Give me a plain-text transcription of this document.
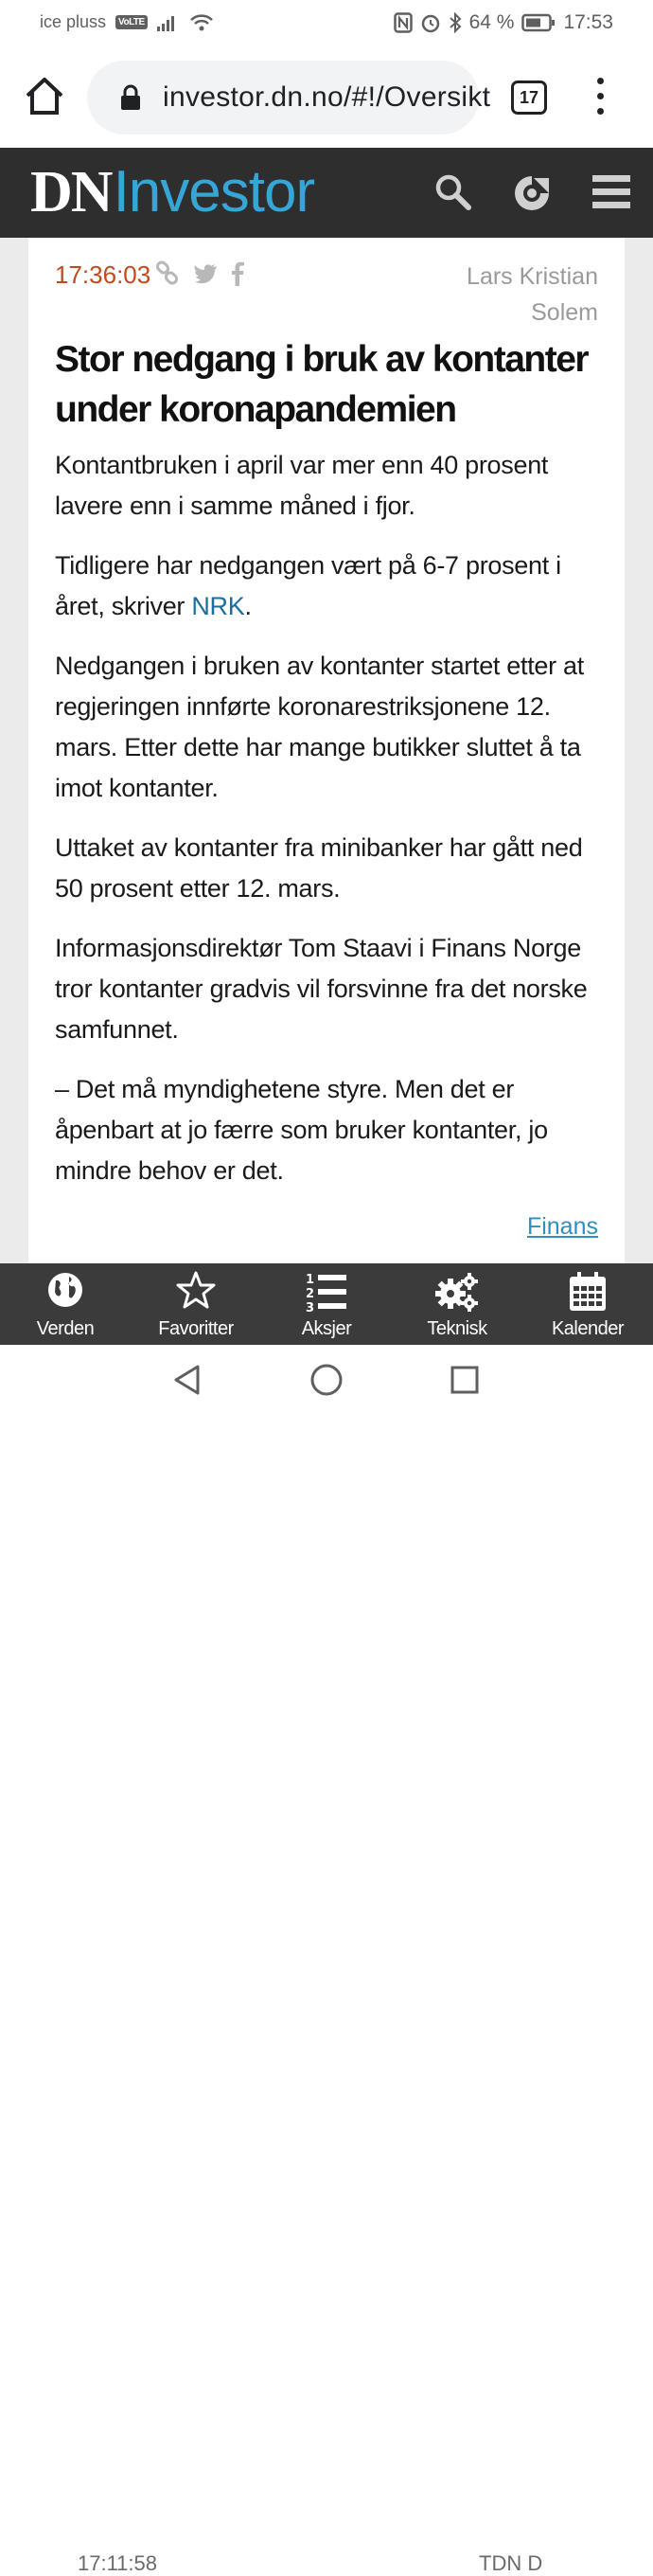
ice pluss	VoLTE	64 % 17:53
investor.dn.no/#!/Oversikt	17
DNInvestor
17:36:03	Lars Kristian
Solem
Stor nedgang i bruk av kontanter under koronapandemien

Kontantbruken i april var mer enn 40 prosent lavere enn i samme måned i fjor.

Tidligere har nedgangen vært på 6-7 prosent i året, skriver NRK.

Nedgangen i bruken av kontanter startet etter at regjeringen innførte koronarestriksjonene 12. mars. Etter dette har mange butikker sluttet å ta imot kontanter.

Uttaket av kontanter fra minibanker har gått ned 50 prosent etter 12. mars.

Informasjonsdirektør Tom Staavi i Finans Norge tror kontanter gradvis vil forsvinne fra det norske samfunnet.

– Det må myndighetene styre. Men det er åpenbart at jo færre som bruker kontanter, jo mindre behov er det.

Finans
Verden	Favoritter
1
2
3
Aksjer	Teknisk	Kalender
17:11:58	TDN D
